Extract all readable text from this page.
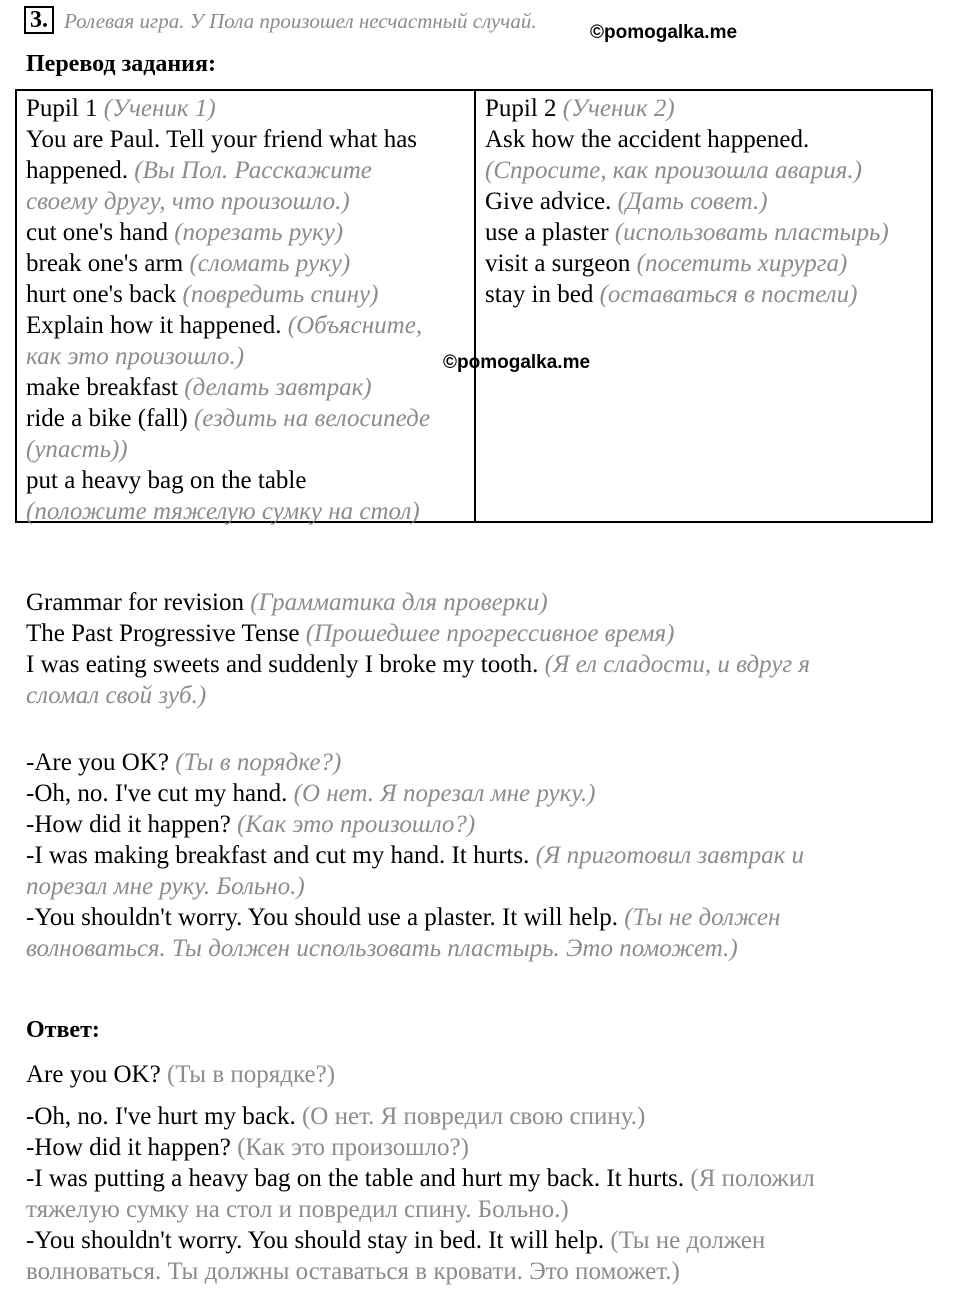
3. Ролевая игра. У Пола произошел несчастный случай.	©pomogalka.me
Перевод задания:
Pupil 1 (Ученик 1)
You are Paul. Tell your friend what has
happened. (Вы Пол. Расскажите
своему другу, что произошло.)
cut one's hand (порезать руку)
break one's arm (сломать руку)
hurt one's back (повредить спину)
Explain how it happened. (Объясните,
как это произошло.)
make breakfast (делать завтрак)
ride a bike (fall) (ездить на велосипеде
(упасть))
put a heavy bag on the table
(положите тяжелую сумку на стол)
Pupil 2 (Ученик 2)
Ask how the accident happened.
(Спросите, как произошла авария.)
Give advice. (Дать совет.)
use a plaster (использовать пластырь)
visit a surgeon (посетить хирурга)
stay in bed (оставаться в постели)
©pomogalka.me
Grammar for revision (Грамматика для проверки)
The Past Progressive Tense (Прошедшее прогрессивное время)
I was eating sweets and suddenly I broke my tooth. (Я ел сладости, и вдруг я
сломал свой зуб.)
-Are you OK? (Ты в порядке?)
-Oh, no. I've cut my hand. (О нет. Я порезал мне руку.)
-How did it happen? (Как это произошло?)
-I was making breakfast and cut my hand. It hurts. (Я приготовил завтрак и
порезал мне руку. Больно.)
-You shouldn't worry. You should use a plaster. It will help. (Ты не должен
волноваться. Ты должен использовать пластырь. Это поможет.)
Ответ:
Are you OK? (Ты в порядке?)
-Oh, no. I've hurt my back. (О нет. Я повредил свою спину.)
-How did it happen? (Как это произошло?)
-I was putting a heavy bag on the table and hurt my back. It hurts. (Я положил
тяжелую сумку на стол и повредил спину. Больно.)
-You shouldn't worry. You should stay in bed. It will help. (Ты не должен
волноваться. Ты должны оставаться в кровати. Это поможет.)
